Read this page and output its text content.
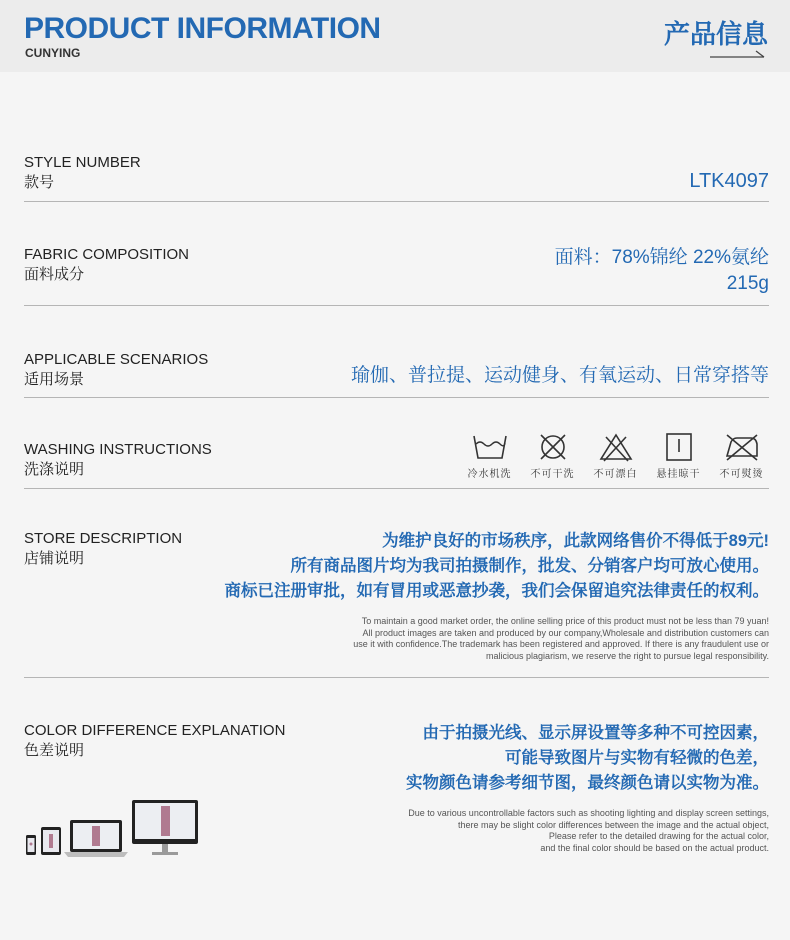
PRODUCT INFORMATION
CUNYING
产品信息
STYLE NUMBER
款号	LTK4097
FABRIC COMPOSITION
面料成分
面料：78%锦纶 22%氨纶
215g
APPLICABLE SCENARIOS
适用场景	瑜伽、普拉提、运动健身、有氧运动、日常穿搭等
WASHING INSTRUCTIONS
洗涤说明	冷水机洗	不可干洗	不可漂白	悬挂晾干	不可熨烫
STORE DESCRIPTION
店铺说明
为维护良好的市场秩序，此款网络售价不得低于89元!
所有商品图片均为我司拍摄制作，批发、分销客户均可放心使用。
商标已注册审批，如有冒用或恶意抄袭，我们会保留追究法律责任的权利。
To maintain a good market order, the online selling price of this product must not be less than 79 yuan!
All product images are taken and produced by our company,Wholesale and distribution customers can
use it with confidence.The trademark has been registered and approved. If there is any fraudulent use or
malicious plagiarism, we reserve the right to pursue legal responsibility.
COLOR DIFFERENCE EXPLANATION
色差说明
由于拍摄光线、显示屏设置等多种不可控因素，
可能导致图片与实物有轻微的色差，
实物颜色请参考细节图，最终颜色请以实物为准。
Due to various uncontrollable factors such as shooting lighting and display screen settings,
there may be slight color differences between the image and the actual object,
Please refer to the detailed drawing for the actual color,
and the final color should be based on the actual product.
